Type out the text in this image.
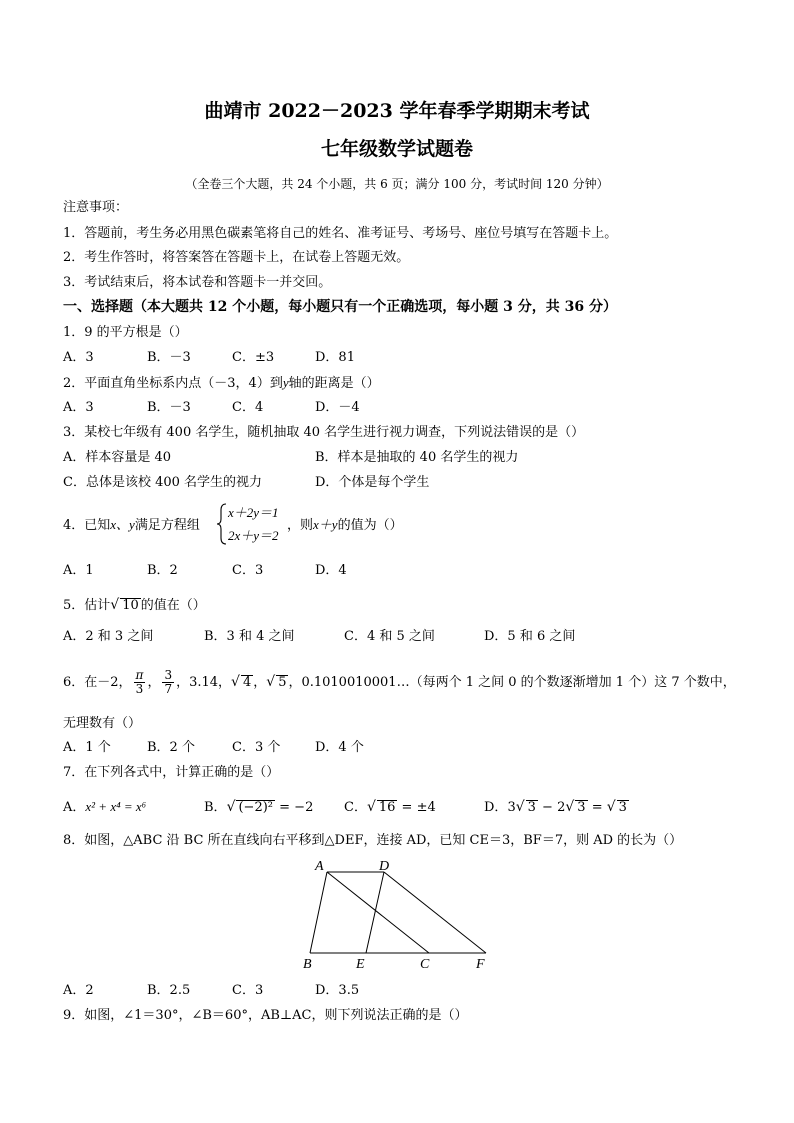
曲靖市 2022－2023 学年春季学期期末考试
七年级数学试题卷
（全卷三个大题，共 24 个小题，共 6 页；满分 100 分，考试时间 120 分钟）
注意事项：
1．答题前，考生务必用黑色碳素笔将自己的姓名、准考证号、考场号、座位号填写在答题卡上。
2．考生作答时，将答案答在答题卡上，在试卷上答题无效。
3．考试结束后，将本试卷和答题卡一并交回。
一、选择题（本大题共 12 个小题，每小题只有一个正确选项，每小题 3 分，共 36 分）
1．9 的平方根是（）
A．3	B．－3	C．±3	D．81
2．平面直角坐标系内点（－3，4）到y轴的距离是（）
A．3	B．－3	C．4	D．－4
3．某校七年级有 400 名学生，随机抽取 40 名学生进行视力调查，下列说法错误的是（）
A．样本容量是 40	B．样本是抽取的 40 名学生的视力
C．总体是该校 400 名学生的视力	D．个体是每个学生
4．已知x、y满足方程组
x＋2y＝1
2x＋y＝2
，则x＋y的值为（）
A．1	B．2	C．3	D．4
5．估计√ 10 的值在（）
A．2 和 3 之间	B．3 和 4 之间	C．4 和 5 之间	D．5 和 6 之间
6．在－2， $\frac{\pi}{3}$ ， $\frac{3}{7}$ ，3.14，√ 4 ，√ 5 ，0.1010010001…（每两个 1 之间 0 的个数逐渐增加 1 个）这 7 个数中，
无理数有（）
A．1 个	B．2 个	C．3 个	D．4 个
7．在下列各式中，计算正确的是（）
A．x² + x⁴ = x⁶	B．√ (−2)² = −2 C．√ 16 = ±4	D．3√ 3 − 2√ 3 = √ 3
8．如图，△ABC 沿 BC 所在直线向右平移到△DEF，连接 AD，已知 CE＝3，BF＝7，则 AD 的长为（）
A	D
B	E	C	F
A．2	B．2.5	C．3	D．3.5
9．如图，∠1＝30°，∠B＝60°，AB⊥AC，则下列说法正确的是（）
